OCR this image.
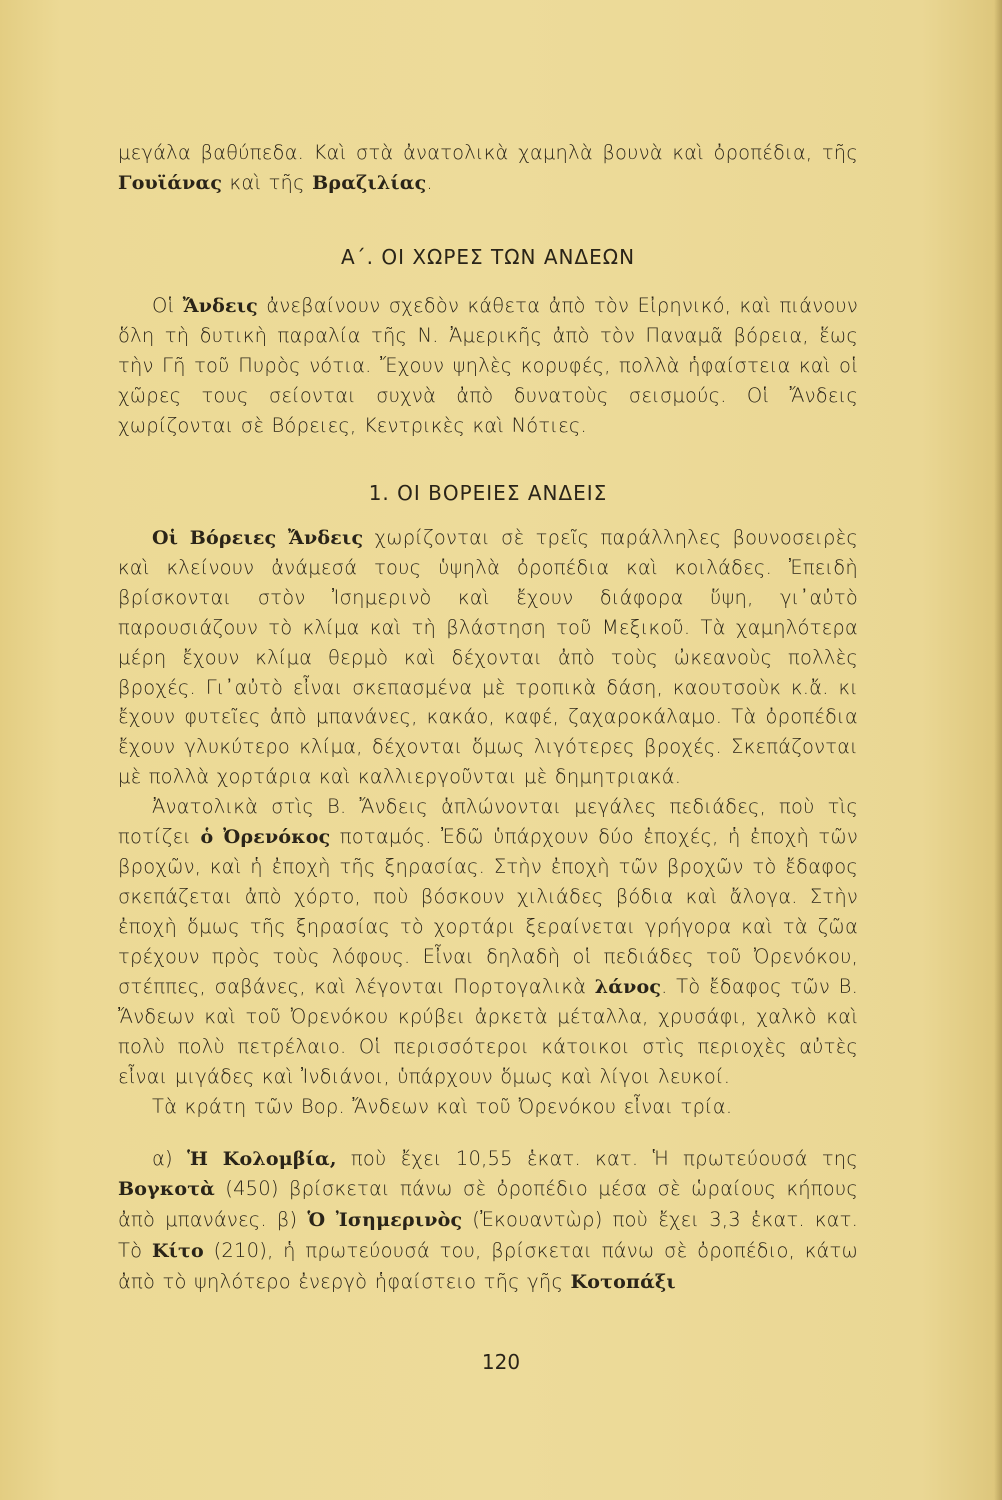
μεγάλα βαθύπεδα. Καὶ στὰ ἀνατολικὰ χαμηλὰ βουνὰ καὶ ὀροπέδια, τῆς Γουϊάνας καὶ τῆς Βραζιλίας.

Α΄. ΟΙ ΧΩΡΕΣ ΤΩΝ ΑΝΔΕΩΝ

Οἱ Ἄνδεις ἀνεβαίνουν σχεδὸν κάθετα ἀπὸ τὸν Εἰρηνικό, καὶ πιάνουν ὅλη τὴ δυτικὴ παραλία τῆς Ν. Ἀμερικῆς ἀπὸ τὸν Παναμᾶ βόρεια, ἕως τὴν Γῆ τοῦ Πυρὸς νότια. Ἔχουν ψηλὲς κορυφές, πολλὰ ἡφαίστεια καὶ οἱ χῶρες τους σείονται συχνὰ ἀπὸ δυνατοὺς σεισμούς. Οἱ Ἄνδεις χωρίζονται σὲ Βόρειες, Κεντρικὲς καὶ Νότιες.

1. ΟΙ ΒΟΡΕΙΕΣ ΑΝΔΕΙΣ

Οἱ Βόρειες Ἄνδεις χωρίζονται σὲ τρεῖς παράλληλες βουνοσειρὲς καὶ κλείνουν ἀνάμεσά τους ὑψηλὰ ὀροπέδια καὶ κοιλάδες. Ἐπειδὴ βρίσκονται στὸν Ἰσημερινὸ καὶ ἔχουν διάφορα ὕψη, γι᾽αὐτὸ παρουσιάζουν τὸ κλίμα καὶ τὴ βλάστηση τοῦ Μεξικοῦ. Τὰ χαμηλότερα μέρη ἔχουν κλίμα θερμὸ καὶ δέχονται ἀπὸ τοὺς ὠκεανοὺς πολλὲς βροχές. Γι᾽αὐτὸ εἶναι σκεπασμένα μὲ τροπικὰ δάση, καουτσοὺκ κ.ἄ. κι ἔχουν φυτεῖες ἀπὸ μπανάνες, κακάο, καφέ, ζαχαροκάλαμο. Τὰ ὀροπέδια ἔχουν γλυκύτερο κλίμα, δέχονται ὅμως λιγότερες βροχές. Σκεπάζονται μὲ πολλὰ χορτάρια καὶ καλλιεργοῦνται μὲ δημητριακά.

Ἀνατολικὰ στὶς Β. Ἄνδεις ἁπλώνονται μεγάλες πεδιάδες, ποὺ τὶς ποτίζει ὁ Ὀρενόκος ποταμός. Ἐδῶ ὑπάρχουν δύο ἐποχές, ἡ ἐποχὴ τῶν βροχῶν, καὶ ἡ ἐποχὴ τῆς ξηρασίας. Στὴν ἐποχὴ τῶν βροχῶν τὸ ἔδαφος σκεπάζεται ἀπὸ χόρτο, ποὺ βόσκουν χιλιάδες βόδια καὶ ἄλογα. Στὴν ἐποχὴ ὅμως τῆς ξηρασίας τὸ χορτάρι ξεραίνεται γρήγορα καὶ τὰ ζῶα τρέχουν πρὸς τοὺς λόφους. Εἶναι δηλαδὴ οἱ πεδιάδες τοῦ Ὀρενόκου, στέππες, σαβάνες, καὶ λέγονται Πορτογαλικὰ λάνος. Τὸ ἔδαφος τῶν Β. Ἄνδεων καὶ τοῦ Ὀρενόκου κρύβει ἀρκετὰ μέταλλα, χρυσάφι, χαλκὸ καὶ πολὺ πολὺ πετρέλαιο. Οἱ περισσότεροι κάτοικοι στὶς περιοχὲς αὐτὲς εἶναι μιγάδες καὶ Ἰνδιάνοι, ὑπάρχουν ὅμως καὶ λίγοι λευκοί.

Τὰ κράτη τῶν Βορ. Ἄνδεων καὶ τοῦ Ὀρενόκου εἶναι τρία.

α) Ἡ Κολομβία, ποὺ ἔχει 10,55 ἑκατ. κατ. Ἡ πρωτεύουσά της Βογκοτὰ (450) βρίσκεται πάνω σὲ ὀροπέδιο μέσα σὲ ὡραίους κήπους ἀπὸ μπανάνες. β) Ὁ Ἰσημερινὸς (Ἐκουαντὼρ) ποὺ ἔχει 3,3 ἑκατ. κατ. Τὸ Κίτο (210), ἡ πρωτεύουσά του, βρίσκεται πάνω σὲ ὀροπέδιο, κάτω ἀπὸ τὸ ψηλότερο ἐνεργὸ ἡφαίστειο τῆς γῆς Κοτοπάξι

120
